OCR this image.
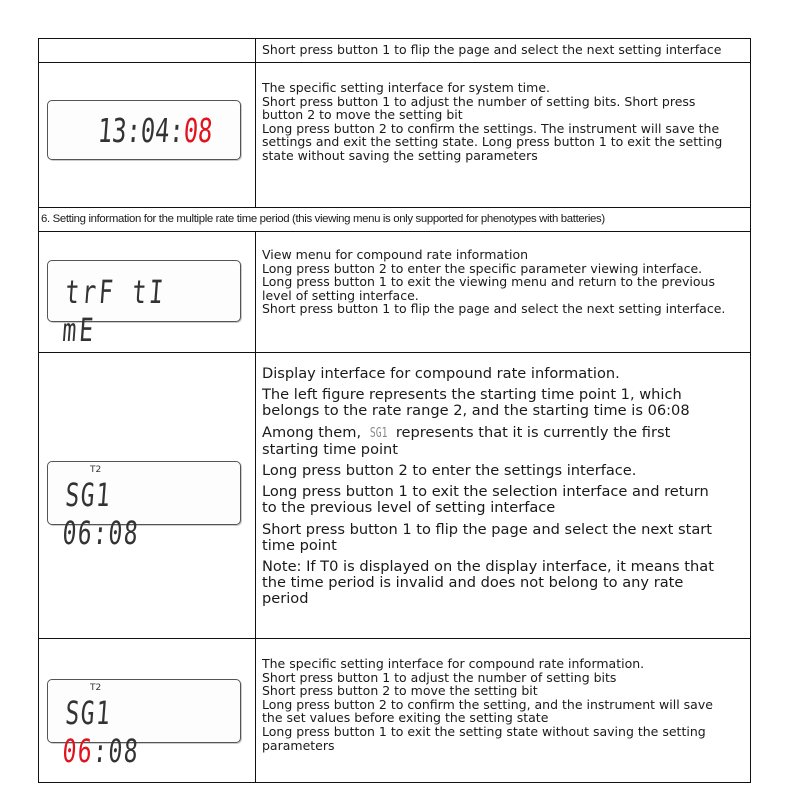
Short press button 1 to flip the page and select the next setting interface
13:04:08
The specific setting interface for system time.
Short press button 1 to adjust the number of setting bits. Short press
button 2 to move the setting bit
Long press button 2 to confirm the settings. The instrument will save the
settings and exit the setting state. Long press button 1 to exit the setting
state without saving the setting parameters
6. Setting information for the multiple rate time period (this viewing menu is only supported for phenotypes with batteries)
trF tI mE
View menu for compound rate information
Long press button 2 to enter the specific parameter viewing interface.
Long press button 1 to exit the viewing menu and return to the previous
level of setting interface.
Short press button 1 to flip the page and select the next setting interface.
T2
SG1 06:08
Display interface for compound rate information.
The left figure represents the starting time point 1, which
belongs to the rate range 2, and the starting time is 06:08
Among them, SG1 represents that it is currently the first
starting time point
Long press button 2 to enter the settings interface.
Long press button 1 to exit the selection interface and return
to the previous level of setting interface
Short press button 1 to flip the page and select the next start
time point
Note: If T0 is displayed on the display interface, it means that
the time period is invalid and does not belong to any rate
period
T2
SG1 06:08
The specific setting interface for compound rate information.
Short press button 1 to adjust the number of setting bits
Short press button 2 to move the setting bit
Long press button 2 to confirm the setting, and the instrument will save
the set values before exiting the setting state
Long press button 1 to exit the setting state without saving the setting
parameters
